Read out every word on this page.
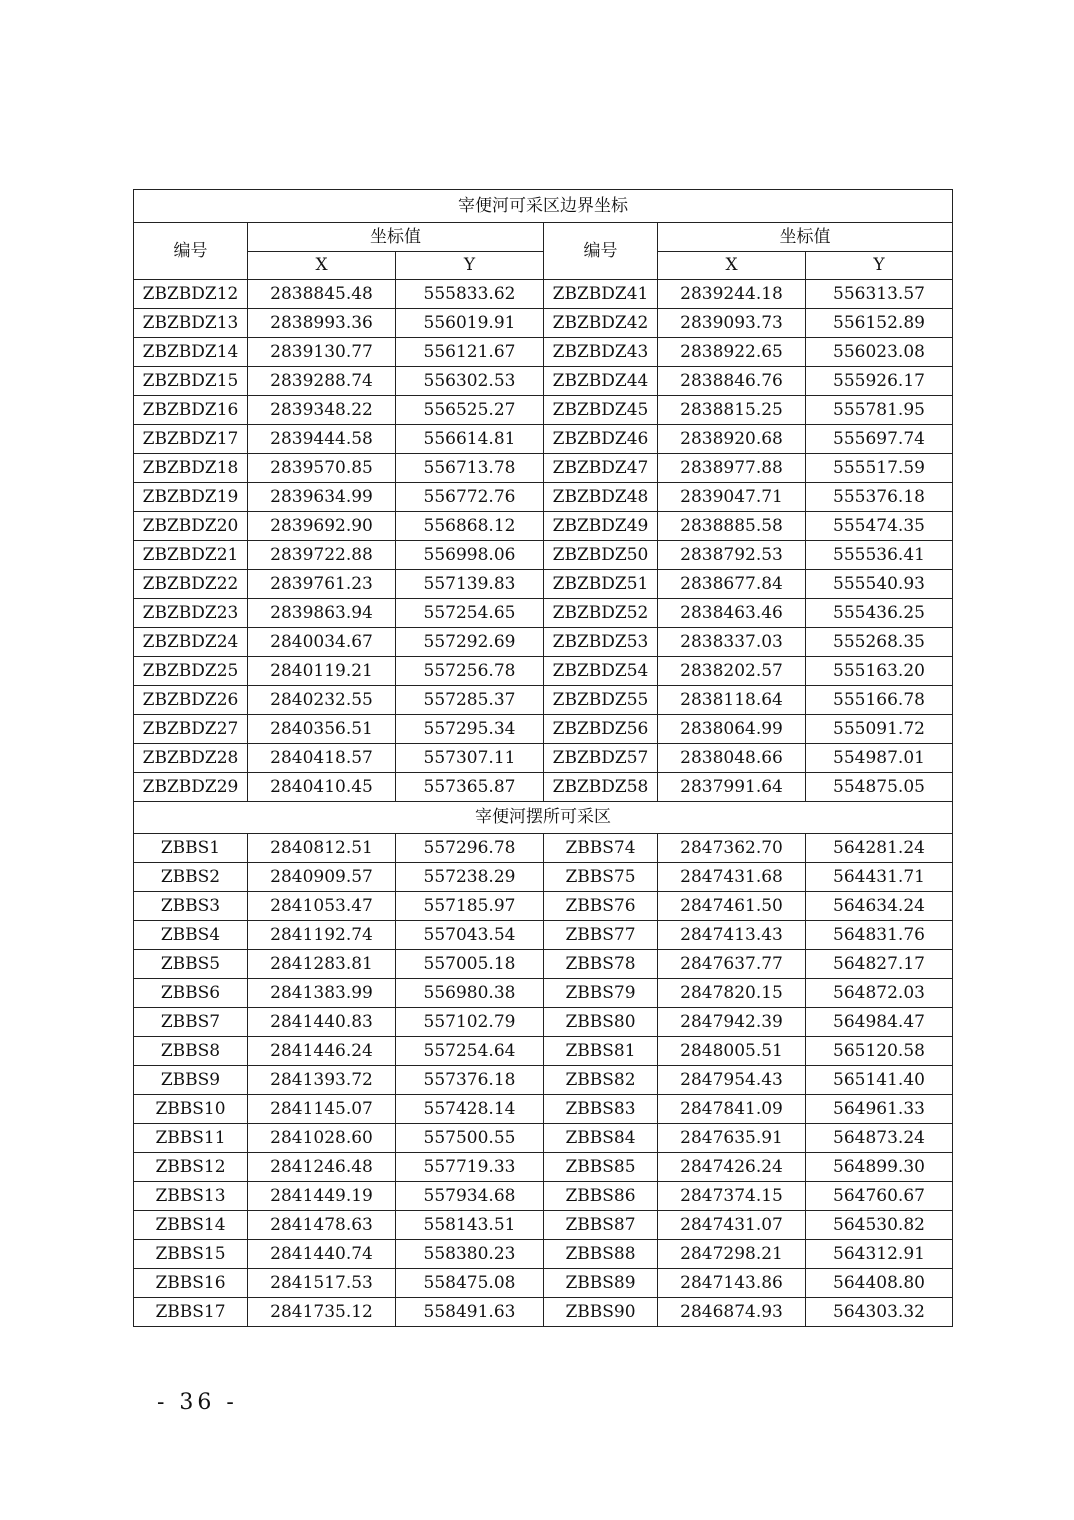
宰便河可采区边界坐标					
编号	坐标值		编号	坐标值	
	X	Y		X	Y
ZBZBDZ12	2838845.48	555833.62	ZBZBDZ41	2839244.18	556313.57
ZBZBDZ13	2838993.36	556019.91	ZBZBDZ42	2839093.73	556152.89
ZBZBDZ14	2839130.77	556121.67	ZBZBDZ43	2838922.65	556023.08
ZBZBDZ15	2839288.74	556302.53	ZBZBDZ44	2838846.76	555926.17
ZBZBDZ16	2839348.22	556525.27	ZBZBDZ45	2838815.25	555781.95
ZBZBDZ17	2839444.58	556614.81	ZBZBDZ46	2838920.68	555697.74
ZBZBDZ18	2839570.85	556713.78	ZBZBDZ47	2838977.88	555517.59
ZBZBDZ19	2839634.99	556772.76	ZBZBDZ48	2839047.71	555376.18
ZBZBDZ20	2839692.90	556868.12	ZBZBDZ49	2838885.58	555474.35
ZBZBDZ21	2839722.88	556998.06	ZBZBDZ50	2838792.53	555536.41
ZBZBDZ22	2839761.23	557139.83	ZBZBDZ51	2838677.84	555540.93
ZBZBDZ23	2839863.94	557254.65	ZBZBDZ52	2838463.46	555436.25
ZBZBDZ24	2840034.67	557292.69	ZBZBDZ53	2838337.03	555268.35
ZBZBDZ25	2840119.21	557256.78	ZBZBDZ54	2838202.57	555163.20
ZBZBDZ26	2840232.55	557285.37	ZBZBDZ55	2838118.64	555166.78
ZBZBDZ27	2840356.51	557295.34	ZBZBDZ56	2838064.99	555091.72
ZBZBDZ28	2840418.57	557307.11	ZBZBDZ57	2838048.66	554987.01
ZBZBDZ29	2840410.45	557365.87	ZBZBDZ58	2837991.64	554875.05
宰便河摆所可采区					
ZBBS1	2840812.51	557296.78	ZBBS74	2847362.70	564281.24
ZBBS2	2840909.57	557238.29	ZBBS75	2847431.68	564431.71
ZBBS3	2841053.47	557185.97	ZBBS76	2847461.50	564634.24
ZBBS4	2841192.74	557043.54	ZBBS77	2847413.43	564831.76
ZBBS5	2841283.81	557005.18	ZBBS78	2847637.77	564827.17
ZBBS6	2841383.99	556980.38	ZBBS79	2847820.15	564872.03
ZBBS7	2841440.83	557102.79	ZBBS80	2847942.39	564984.47
ZBBS8	2841446.24	557254.64	ZBBS81	2848005.51	565120.58
ZBBS9	2841393.72	557376.18	ZBBS82	2847954.43	565141.40
ZBBS10	2841145.07	557428.14	ZBBS83	2847841.09	564961.33
ZBBS11	2841028.60	557500.55	ZBBS84	2847635.91	564873.24
ZBBS12	2841246.48	557719.33	ZBBS85	2847426.24	564899.30
ZBBS13	2841449.19	557934.68	ZBBS86	2847374.15	564760.67
ZBBS14	2841478.63	558143.51	ZBBS87	2847431.07	564530.82
ZBBS15	2841440.74	558380.23	ZBBS88	2847298.21	564312.91
ZBBS16	2841517.53	558475.08	ZBBS89	2847143.86	564408.80
ZBBS17	2841735.12	558491.63	ZBBS90	2846874.93	564303.32
- 36 -
